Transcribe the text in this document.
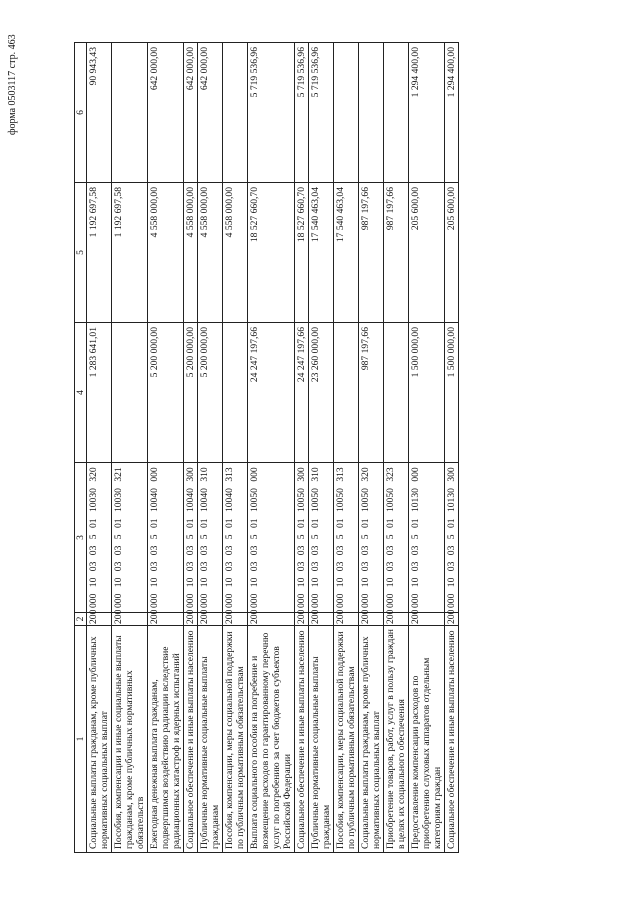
форма 0503117 стр. 463
1	2	3	4	5	6
Социальные выплаты гражданам, кроме публичных нормативных социальных выплат	200	000 10 03 03 5 01 10030 320	1 283 641,01	1 192 697,58	90 943,43
Пособия, компенсации и иные социальные выплаты гражданам, кроме публичных нормативных обязательств	200	000 10 03 03 5 01 10030 321		1 192 697,58	
Ежегодная денежная выплата гражданам, подвергшимся воздействию радиации вследствие радиационных катастроф и ядерных испытаний	200	000 10 03 03 5 01 10040 000	5 200 000,00	4 558 000,00	642 000,00
Социальное обеспечение и иные выплаты населению	200	000 10 03 03 5 01 10040 300	5 200 000,00	4 558 000,00	642 000,00
Публичные нормативные социальные выплаты гражданам	200	000 10 03 03 5 01 10040 310	5 200 000,00	4 558 000,00	642 000,00
Пособия, компенсации, меры социальной поддержки по публичным нормативным обязательствам	200	000 10 03 03 5 01 10040 313		4 558 000,00	
Выплата социального пособия на погребение и возмещение расходов по гарантированному перечню услуг по погребению за счет бюджетов субъектов Российской Федерации	200	000 10 03 03 5 01 10050 000	24 247 197,66	18 527 660,70	5 719 536,96
Социальное обеспечение и иные выплаты населению	200	000 10 03 03 5 01 10050 300	24 247 197,66	18 527 660,70	5 719 536,96
Публичные нормативные социальные выплаты гражданам	200	000 10 03 03 5 01 10050 310	23 260 000,00	17 540 463,04	5 719 536,96
Пособия, компенсации, меры социальной поддержки по публичным нормативным обязательствам	200	000 10 03 03 5 01 10050 313		17 540 463,04	
Социальные выплаты гражданам, кроме публичных нормативных социальных выплат	200	000 10 03 03 5 01 10050 320	987 197,66	987 197,66	
Приобретение товаров, работ, услуг в пользу граждан в целях их социального обеспечения	200	000 10 03 03 5 01 10050 323		987 197,66	
Предоставление компенсации расходов по приобретению слуховых аппаратов отдельным категориям граждан	200	000 10 03 03 5 01 10130 000	1 500 000,00	205 600,00	1 294 400,00
Социальное обеспечение и иные выплаты населению	200	000 10 03 03 5 01 10130 300	1 500 000,00	205 600,00	1 294 400,00
